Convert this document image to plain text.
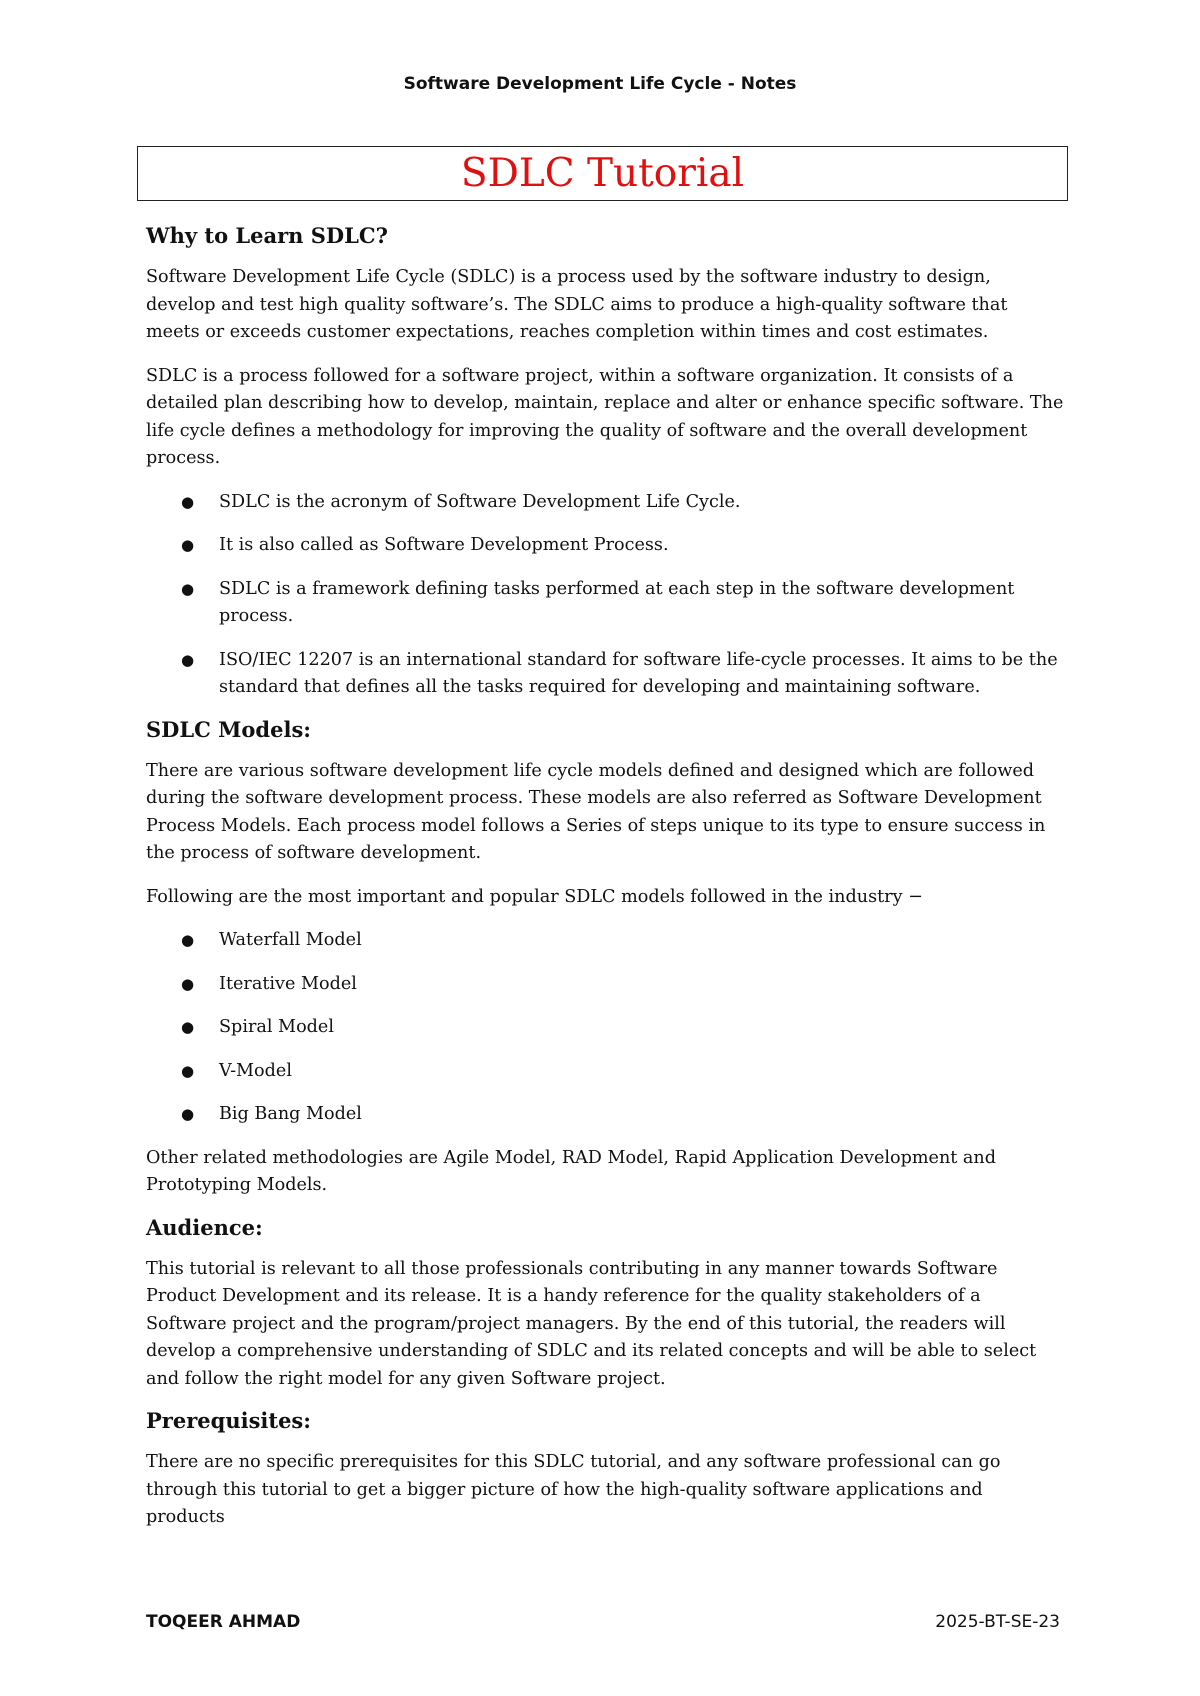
Software Development Life Cycle - Notes
SDLC Tutorial
Why to Learn SDLC?

Software Development Life Cycle (SDLC) is a process used by the software industry to design, develop and test high quality software’s. The SDLC aims to produce a high-quality software that meets or exceeds customer expectations, reaches completion within times and cost estimates.

SDLC is a process followed for a software project, within a software organization. It consists of a detailed plan describing how to develop, maintain, replace and alter or enhance specific software. The life cycle defines a methodology for improving the quality of software and the overall development process.

● SDLC is the acronym of Software Development Life Cycle.
● It is also called as Software Development Process.
● SDLC is a framework defining tasks performed at each step in the software development process.
● ISO/IEC 12207 is an international standard for software life-cycle processes. It aims to be the standard that defines all the tasks required for developing and maintaining software.
SDLC Models:

There are various software development life cycle models defined and designed which are followed during the software development process. These models are also referred as Software Development Process Models. Each process model follows a Series of steps unique to its type to ensure success in the process of software development.

Following are the most important and popular SDLC models followed in the industry −

● Waterfall Model
● Iterative Model
● Spiral Model
● V-Model
● Big Bang Model

Other related methodologies are Agile Model, RAD Model, Rapid Application Development and Prototyping Models.

Audience:

This tutorial is relevant to all those professionals contributing in any manner towards Software Product Development and its release. It is a handy reference for the quality stakeholders of a Software project and the program/project managers. By the end of this tutorial, the readers will develop a comprehensive understanding of SDLC and its related concepts and will be able to select and follow the right model for any given Software project.

Prerequisites:

There are no specific prerequisites for this SDLC tutorial, and any software professional can go through this tutorial to get a bigger picture of how the high-quality software applications and products

TOQEER AHMAD	2025-BT-SE-23
